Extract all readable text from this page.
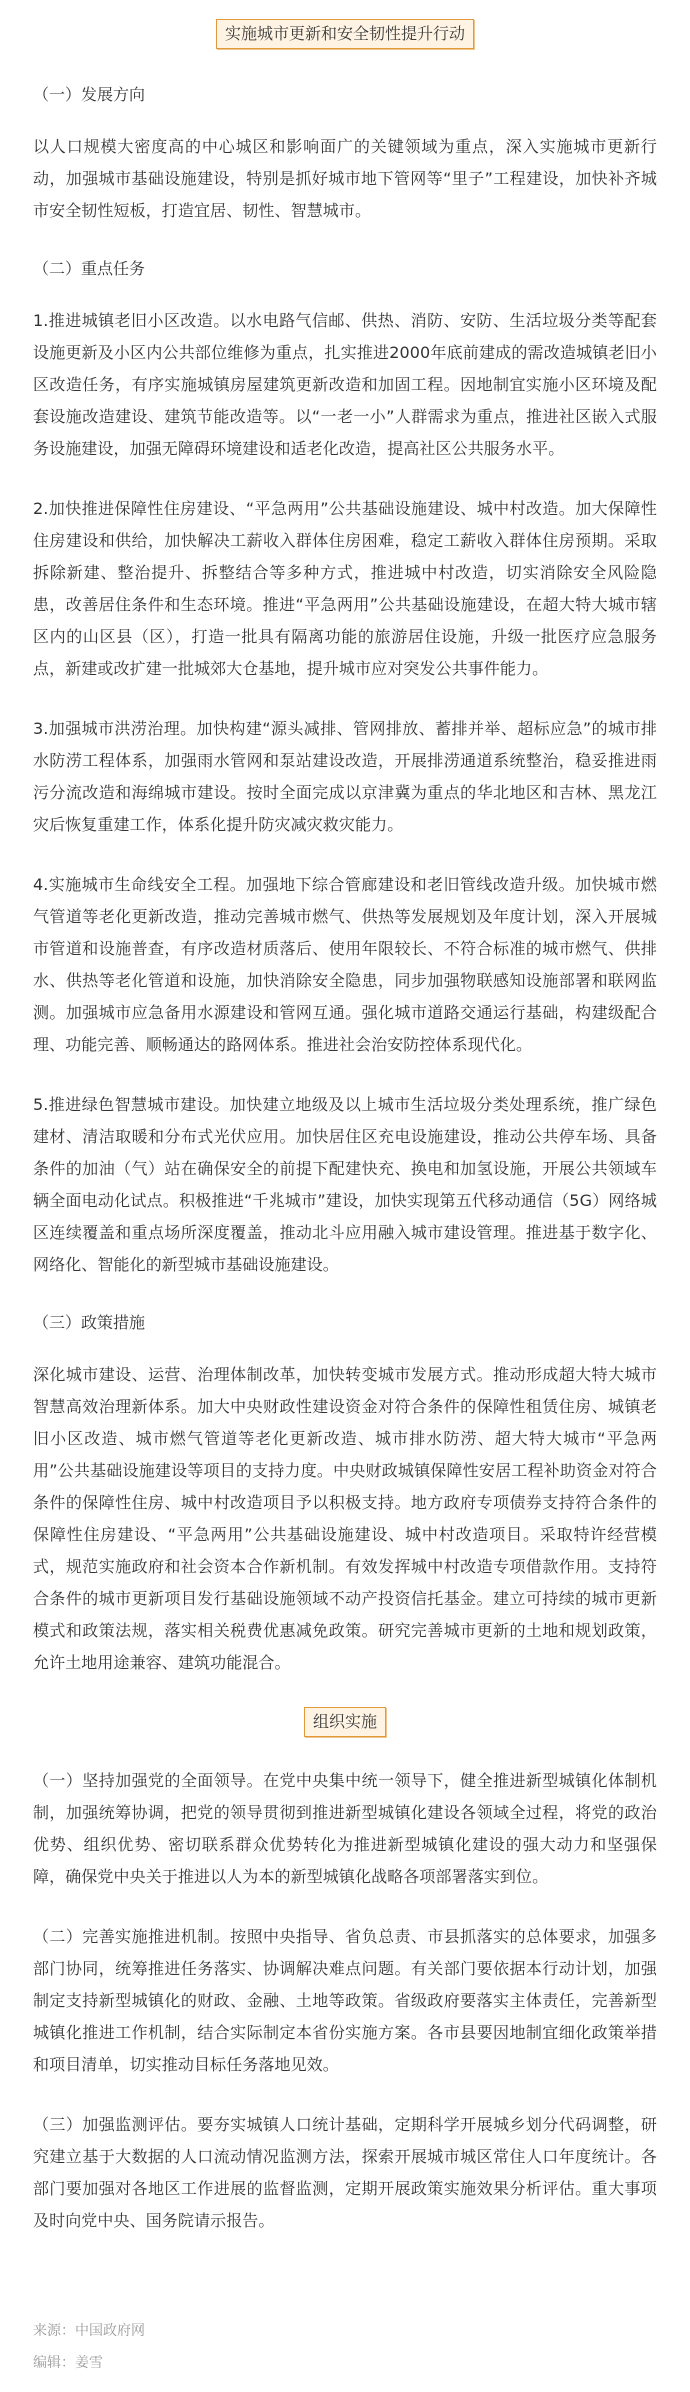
实施城市更新和安全韧性提升行动

（一）发展方向

以人口规模大密度高的中心城区和影响面广的关键领域为重点，深入实施城市更新行动，加强城市基础设施建设，特别是抓好城市地下管网等“里子”工程建设，加快补齐城市安全韧性短板，打造宜居、韧性、智慧城市。

（二）重点任务

1.推进城镇老旧小区改造。以水电路气信邮、供热、消防、安防、生活垃圾分类等配套设施更新及小区内公共部位维修为重点，扎实推进2000年底前建成的需改造城镇老旧小区改造任务，有序实施城镇房屋建筑更新改造和加固工程。因地制宜实施小区环境及配套设施改造建设、建筑节能改造等。以“一老一小”人群需求为重点，推进社区嵌入式服务设施建设，加强无障碍环境建设和适老化改造，提高社区公共服务水平。

2.加快推进保障性住房建设、“平急两用”公共基础设施建设、城中村改造。加大保障性住房建设和供给，加快解决工薪收入群体住房困难，稳定工薪收入群体住房预期。采取拆除新建、整治提升、拆整结合等多种方式，推进城中村改造，切实消除安全风险隐患，改善居住条件和生态环境。推进“平急两用”公共基础设施建设，在超大特大城市辖区内的山区县（区），打造一批具有隔离功能的旅游居住设施，升级一批医疗应急服务点，新建或改扩建一批城郊大仓基地，提升城市应对突发公共事件能力。

3.加强城市洪涝治理。加快构建“源头减排、管网排放、蓄排并举、超标应急”的城市排水防涝工程体系，加强雨水管网和泵站建设改造，开展排涝通道系统整治，稳妥推进雨污分流改造和海绵城市建设。按时全面完成以京津冀为重点的华北地区和吉林、黑龙江灾后恢复重建工作，体系化提升防灾减灾救灾能力。

4.实施城市生命线安全工程。加强地下综合管廊建设和老旧管线改造升级。加快城市燃气管道等老化更新改造，推动完善城市燃气、供热等发展规划及年度计划，深入开展城市管道和设施普查，有序改造材质落后、使用年限较长、不符合标准的城市燃气、供排水、供热等老化管道和设施，加快消除安全隐患，同步加强物联感知设施部署和联网监测。加强城市应急备用水源建设和管网互通。强化城市道路交通运行基础，构建级配合理、功能完善、顺畅通达的路网体系。推进社会治安防控体系现代化。

5.推进绿色智慧城市建设。加快建立地级及以上城市生活垃圾分类处理系统，推广绿色建材、清洁取暖和分布式光伏应用。加快居住区充电设施建设，推动公共停车场、具备条件的加油（气）站在确保安全的前提下配建快充、换电和加氢设施，开展公共领域车辆全面电动化试点。积极推进“千兆城市”建设，加快实现第五代移动通信（5G）网络城区连续覆盖和重点场所深度覆盖，推动北斗应用融入城市建设管理。推进基于数字化、网络化、智能化的新型城市基础设施建设。

（三）政策措施

深化城市建设、运营、治理体制改革，加快转变城市发展方式。推动形成超大特大城市智慧高效治理新体系。加大中央财政性建设资金对符合条件的保障性租赁住房、城镇老旧小区改造、城市燃气管道等老化更新改造、城市排水防涝、超大特大城市“平急两用”公共基础设施建设等项目的支持力度。中央财政城镇保障性安居工程补助资金对符合条件的保障性住房、城中村改造项目予以积极支持。地方政府专项债券支持符合条件的保障性住房建设、“平急两用”公共基础设施建设、城中村改造项目。采取特许经营模式，规范实施政府和社会资本合作新机制。有效发挥城中村改造专项借款作用。支持符合条件的城市更新项目发行基础设施领域不动产投资信托基金。建立可持续的城市更新模式和政策法规，落实相关税费优惠减免政策。研究完善城市更新的土地和规划政策，允许土地用途兼容、建筑功能混合。

组织实施

（一）坚持加强党的全面领导。在党中央集中统一领导下，健全推进新型城镇化体制机制，加强统筹协调，把党的领导贯彻到推进新型城镇化建设各领域全过程，将党的政治优势、组织优势、密切联系群众优势转化为推进新型城镇化建设的强大动力和坚强保障，确保党中央关于推进以人为本的新型城镇化战略各项部署落实到位。

（二）完善实施推进机制。按照中央指导、省负总责、市县抓落实的总体要求，加强多部门协同，统筹推进任务落实、协调解决难点问题。有关部门要依据本行动计划，加强制定支持新型城镇化的财政、金融、土地等政策。省级政府要落实主体责任，完善新型城镇化推进工作机制，结合实际制定本省份实施方案。各市县要因地制宜细化政策举措和项目清单，切实推动目标任务落地见效。

（三）加强监测评估。要夯实城镇人口统计基础，定期科学开展城乡划分代码调整，研究建立基于大数据的人口流动情况监测方法，探索开展城市城区常住人口年度统计。各部门要加强对各地区工作进展的监督监测，定期开展政策实施效果分析评估。重大事项及时向党中央、国务院请示报告。

来源：中国政府网

编辑：姜雪
